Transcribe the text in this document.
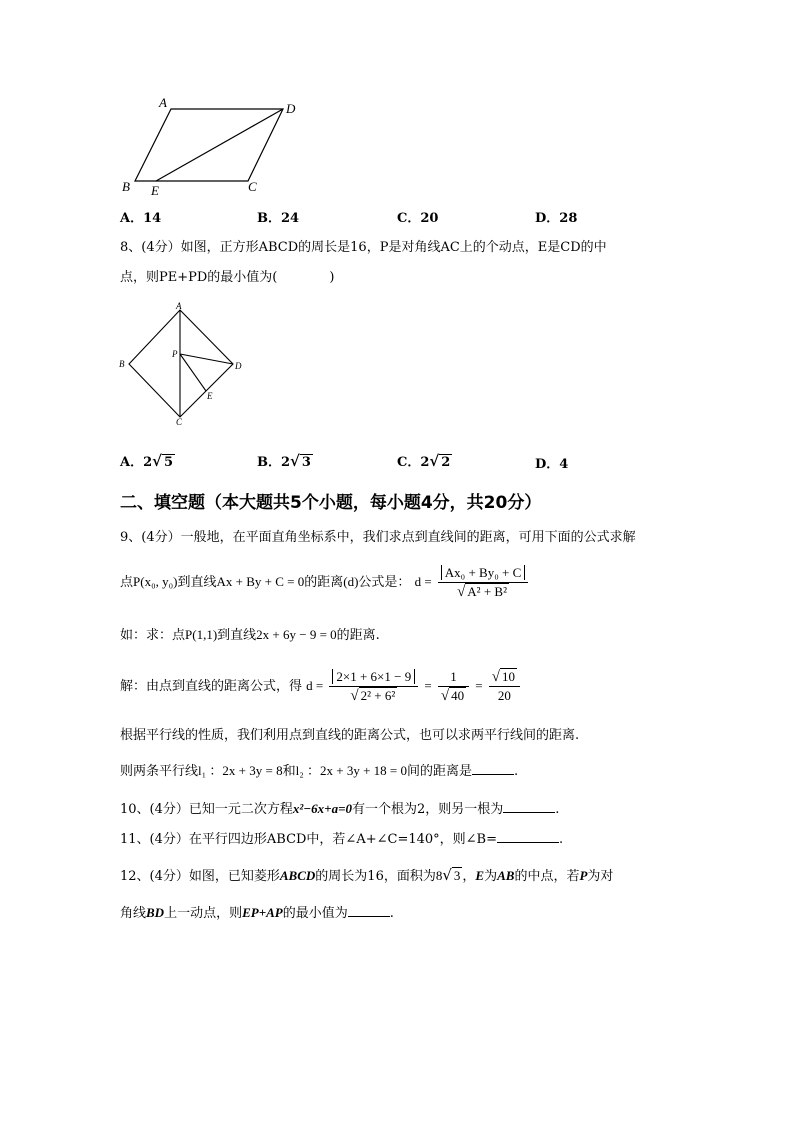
A	D
B E	C
A．14	B．24	C．20	D．28
8、(4分）如图，正方形ABCD的周长是16，P是对角线AC上的个动点，E是CD的中
点，则PE+PD的最小值为(　　　　)
A
B
P
D
E
C
A．2√ 5	B．2√ 3	C．2√ 2	D．4
二、填空题（本大题共5个小题，每小题4分，共20分）
9、(4分）一般地，在平面直角坐标系中，我们求点到直线间的距离，可用下面的公式求解
点P(x₀, y₀)到直线Ax + By + C = 0的距离(d)公式是： $d = \frac{\text{Ax₀ + By₀ + C}}{\text{√ A² + B²}}$
如：求：点P(1,1)到直线2x + 6y − 9 = 0的距离.
解：由点到直线的距离公式，得 $d = \frac{2\times 1 + 6\times 1 - 9}{\text{√ 2² + 6²}} = \frac{1}{√ 40} = \frac{√ 10}{20}$
根据平行线的性质，我们利用点到直线的距离公式，也可以求两平行线间的距离.
则两条平行线l₁ ：2x + 3y = 8和l₂ ：2x + 3y + 18 = 0间的距离是	.
10、(4分）已知一元二次方程x²−6x+a=0有一个根为2，则另一根为	.
11、(4分）在平行四边形ABCD中，若∠A+∠C=140°，则∠B=	.
12、(4分）如图，已知菱形ABCD的周长为16，面积为8√ 3 ，E为AB的中点，若P为对
角线BD上一动点，则EP+AP的最小值为	.
